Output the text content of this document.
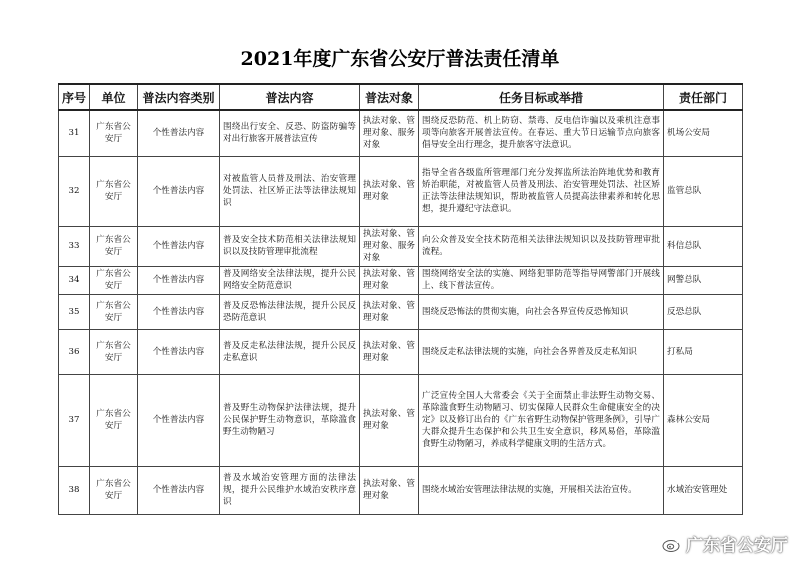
2021年度广东省公安厅普法责任清单
序号	单位	普法内容类别	普法内容	普法对象	任务目标或举措	责任部门
31	广东省公安厅	个性普法内容	围绕出行安全、反恐、防盗防骗等对出行旅客开展普法宣传	执法对象、管理对象、服务对象	围绕反恐防范、机上防窃、禁毒、反电信诈骗以及乘机注意事项等向旅客开展普法宣传。在春运、重大节日运输节点向旅客倡导安全出行理念，提升旅客守法意识。	机场公安局
32	广东省公安厅	个性普法内容	对被监管人员普及刑法、治安管理处罚法、社区矫正法等法律法规知识	执法对象、管理对象	指导全省各级监所管理部门充分发挥监所法治阵地优势和教育矫治职能，对被监管人员普及刑法、治安管理处罚法、社区矫正法等法律法规知识，帮助被监管人员提高法律素养和转化思想，提升遵纪守法意识。	监管总队
33	广东省公安厅	个性普法内容	普及安全技术防范相关法律法规知识以及技防管理审批流程	执法对象、管理对象、服务对象	向公众普及安全技术防范相关法律法规知识以及技防管理审批流程。	科信总队
34	广东省公安厅	个性普法内容	普及网络安全法律法规，提升公民网络安全防范意识	执法对象、管理对象	围绕网络安全法的实施、网络犯罪防范等指导网警部门开展线上、线下普法宣传。	网警总队
35	广东省公安厅	个性普法内容	普及反恐怖法律法规，提升公民反恐防范意识	执法对象、管理对象	围绕反恐怖法的贯彻实施，向社会各界宣传反恐怖知识	反恐总队
36	广东省公安厅	个性普法内容	普及反走私法律法规，提升公民反走私意识	执法对象、管理对象	围绕反走私法律法规的实施，向社会各界普及反走私知识	打私局
37	广东省公安厅	个性普法内容	普及野生动物保护法律法规，提升公民保护野生动物意识，革除滥食野生动物陋习	执法对象、管理对象	广泛宣传全国人大常委会《关于全面禁止非法野生动物交易、革除滥食野生动物陋习、切实保障人民群众生命健康安全的决定》以及修订出台的《广东省野生动物保护管理条例》，引导广大群众提升生态保护和公共卫生安全意识，移风易俗，革除滥食野生动物陋习，养成科学健康文明的生活方式。	森林公安局
38	广东省公安厅	个性普法内容	普及水域治安管理方面的法律法规，提升公民维护水域治安秩序意识	执法对象、管理对象	围绕水域治安管理法律法规的实施，开展相关法治宣传。	水域治安管理处
广东省公安厅
